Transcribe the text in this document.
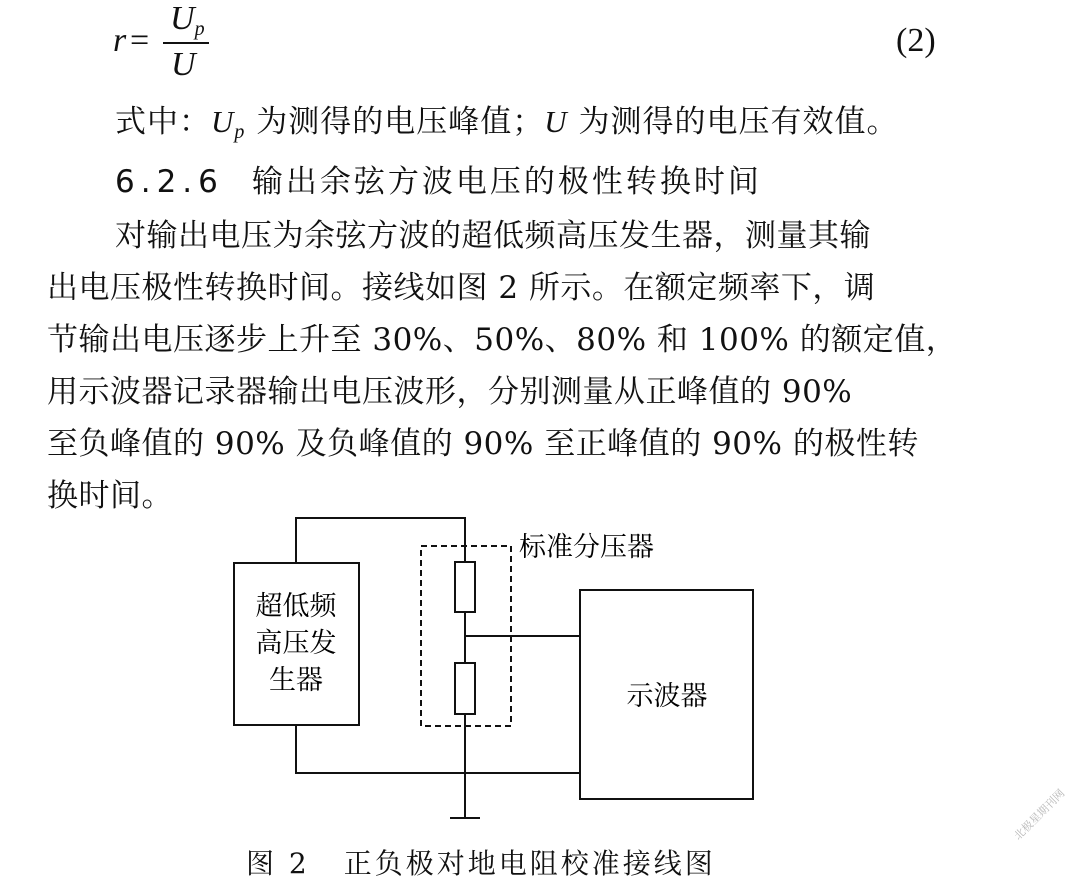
r =
$U_p$
U
(2)
式中：$U_p$ 为测得的电压峰值；U 为测得的电压有效值。
6.2.6 输出余弦方波电压的极性转换时间
对输出电压为余弦方波的超低频高压发生器，测量其输
出电压极性转换时间。接线如图 2 所示。在额定频率下，调
节输出电压逐步上升至 30%、50%、80% 和 100% 的额定值，
用示波器记录器输出电压波形，分别测量从正峰值的 90%
至负峰值的 90% 及负峰值的 90% 至正峰值的 90% 的极性转
换时间。
超低频
高压发
生器
标准分压器
示波器
图 2 正负极对地电阻校准接线图
北极星期刊网
